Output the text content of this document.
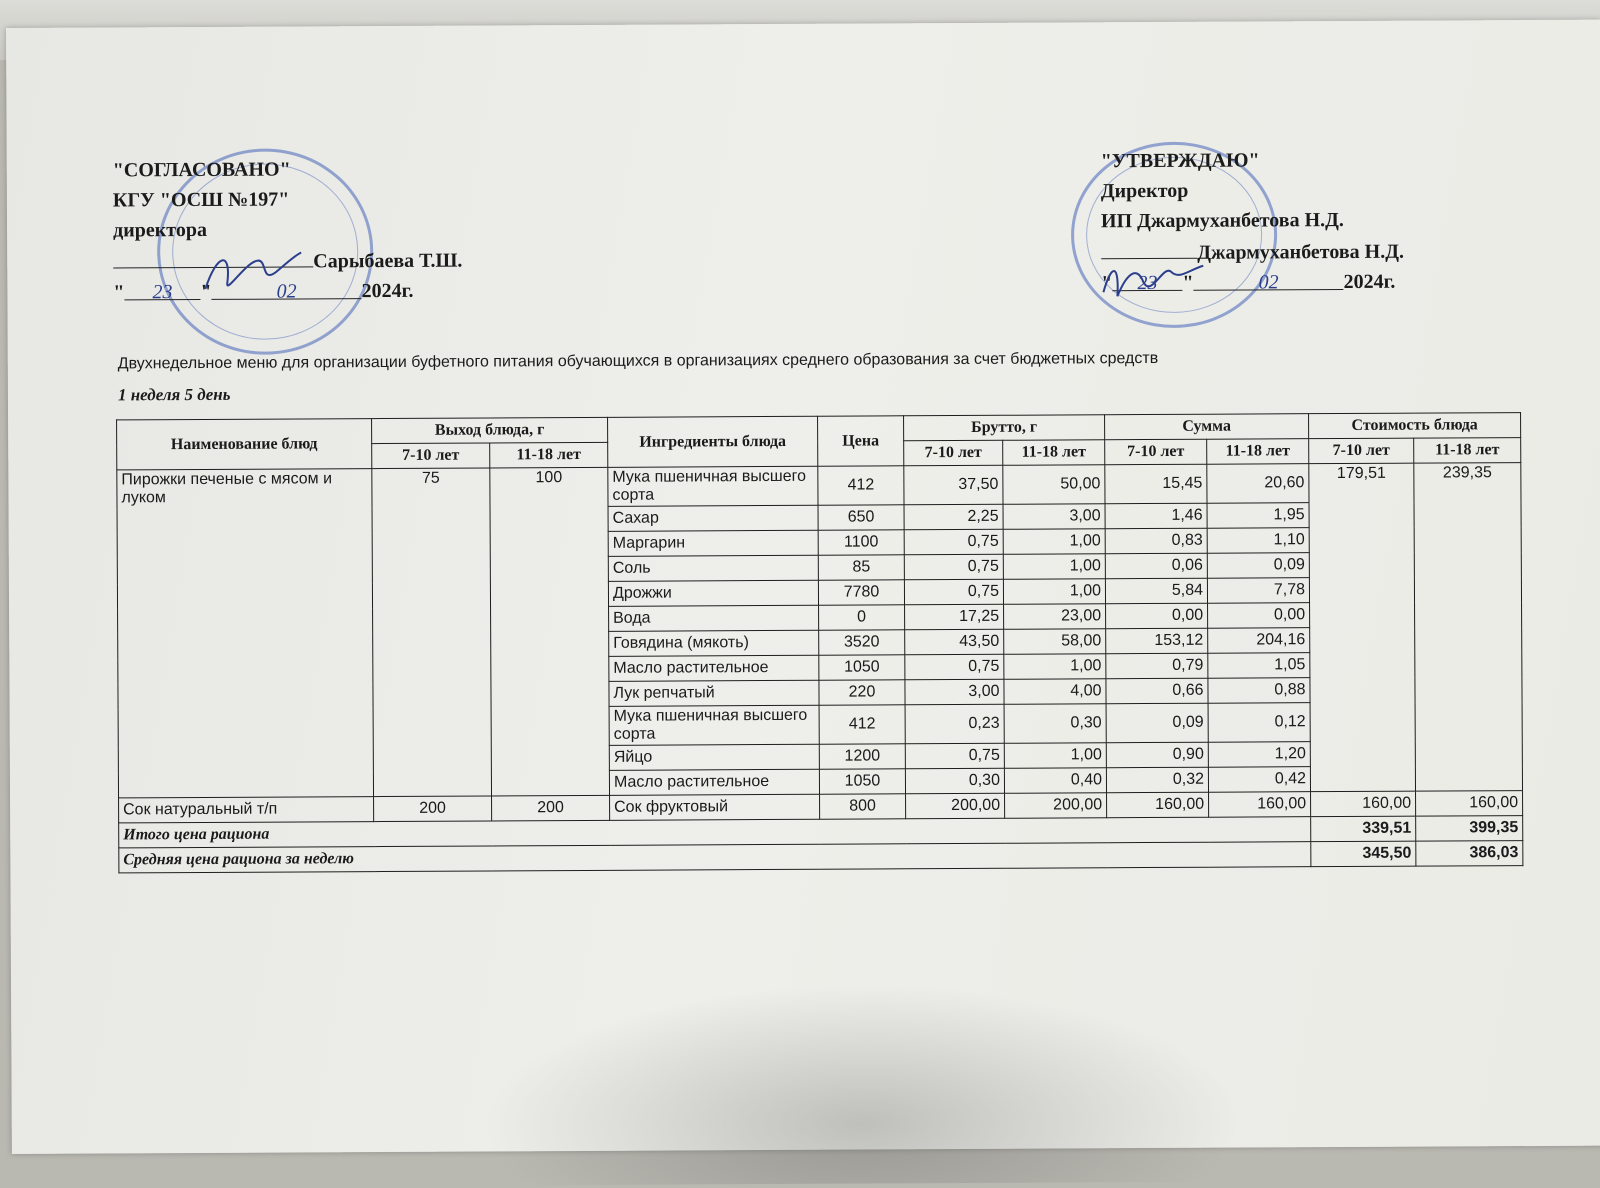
"СОГЛАСОВАНО"
КГУ "ОСШ №197"
директора
Сарыбаева Т.Ш.
" 23 "	02	2024г.
"УТВЕРЖДАЮ"
Директор
ИП Джармуханбетова Н.Д.
Джармуханбетова Н.Д.
" 23 "	02	2024г.
Двухнедельное меню для организации буфетного питания обучающихся в организациях среднего образования за счет бюджетных средств
1 неделя 5 день
Наименование блюд	Выход блюда, г		Ингредиенты блюда	Цена	Брутто, г		Сумма		Стоимость блюда	
	7-10 лет	11-18 лет			7-10 лет	11-18 лет	7-10 лет	11-18 лет	7-10 лет	11-18 лет
Пирожки печеные с мясом и луком	75	100	Мука пшеничная высшего сорта	412	37,50	50,00	15,45	20,60	179,51	239,35
			Сахар	650	2,25	3,00	1,46	1,95		
			Маргарин	1100	0,75	1,00	0,83	1,10		
			Соль	85	0,75	1,00	0,06	0,09		
			Дрожжи	7780	0,75	1,00	5,84	7,78		
			Вода	0	17,25	23,00	0,00	0,00		
			Говядина (мякоть)	3520	43,50	58,00	153,12	204,16		
			Масло растительное	1050	0,75	1,00	0,79	1,05		
			Лук репчатый	220	3,00	4,00	0,66	0,88		
			Мука пшеничная высшего сорта	412	0,23	0,30	0,09	0,12		
			Яйцо	1200	0,75	1,00	0,90	1,20		
			Масло растительное	1050	0,30	0,40	0,32	0,42		
Сок натуральный т/п	200	200	Сок фруктовый	800	200,00	200,00	160,00	160,00	160,00	160,00
Итого цена рациона									339,51	399,35
Средняя цена рациона за неделю									345,50	386,03
